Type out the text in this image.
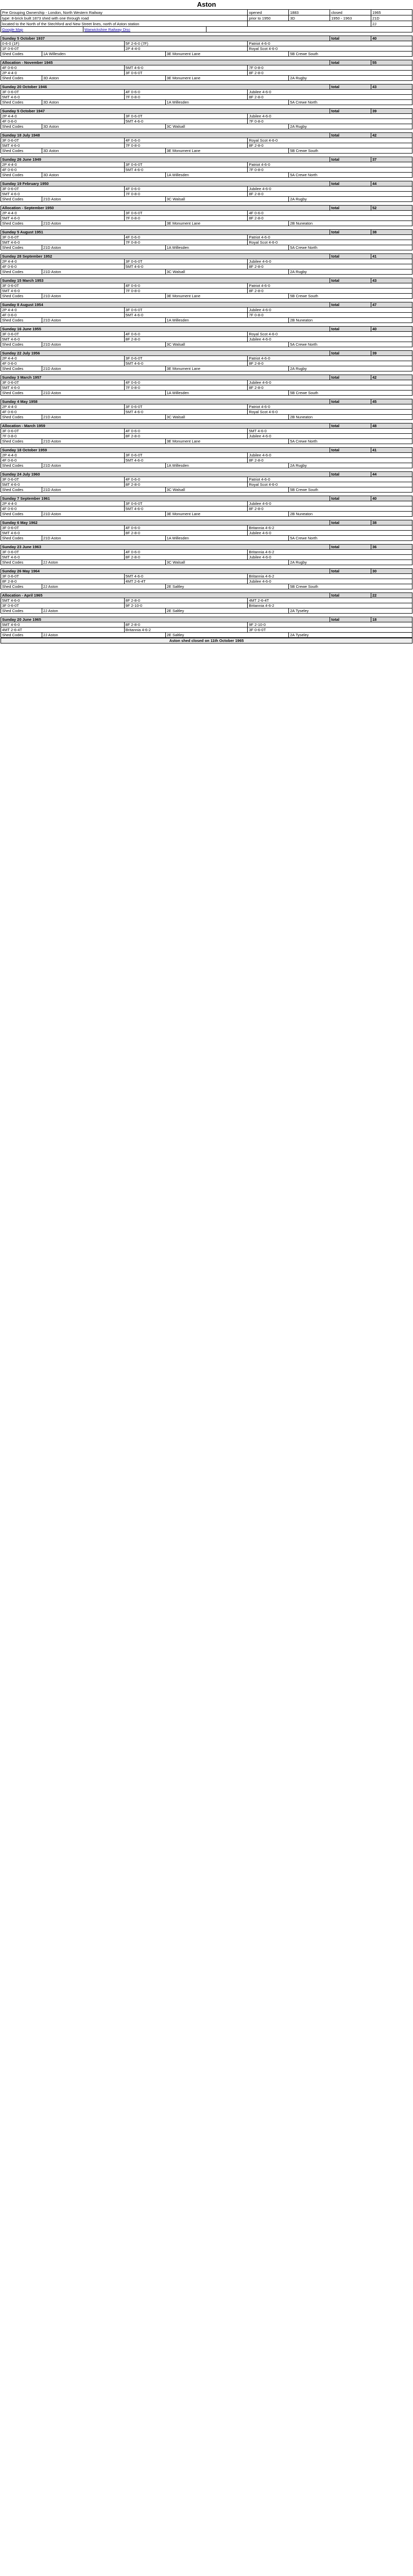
Aston
Pre Grouping Ownership - London, North Western Railway			opened	1883	closed	1965
type: 8-brick built 1873 shed with one through road			prior to 1950	3D	1950 - 1963	21D
located to the North of the Stechford and New Street lines, north of Aston station						2J
Google Map	Warwickshire Railway Disc					

Sunday 5 October 1937						total	40
0-6-0 (1F)		5F 2-6-0 (7F)		Patriot 4-6-0			
1F 0-6-0T		2P 4-4-0		Royal Scot 4-6-0			
Shed Codes	1A Willesden		3E Monument Lane		5B Crewe South		

Allocation - November 1945						total	55
4F 0-6-0		5MT 4-6-0		7F 0-8-0			
2P 4-4-0		3F 0-6-0T		8F 2-8-0			
Shed Codes	3D Aston		3E Monument Lane		2A Rugby		

Sunday 20 October 1946						total	43
3F 0-6-0T		4F 0-6-0		Jubilee 4-6-0			
5MT 4-6-0		7F 0-8-0		8F 2-8-0			
Shed Codes	3D Aston		1A Willesden		5A Crewe North		

Sunday 5 October 1947						total	39
2P 4-4-0		3F 0-6-0T		Jubilee 4-6-0			
4F 0-6-0		5MT 4-6-0		7F 0-8-0			
Shed Codes	3D Aston		3C Walsall		2A Rugby		

Sunday 18 July 1948						total	42
3F 0-6-0T		4F 0-6-0		Royal Scot 4-6-0			
5MT 4-6-0		7F 0-8-0		8F 2-8-0			
Shed Codes	3D Aston		3E Monument Lane		5B Crewe South		

Sunday 26 June 1949						total	37
2P 4-4-0		3F 0-6-0T		Patriot 4-6-0			
4F 0-6-0		5MT 4-6-0		7F 0-8-0			
Shed Codes	3D Aston		1A Willesden		5A Crewe North		

Sunday 19 February 1950						total	44
3F 0-6-0T		4F 0-6-0		Jubilee 4-6-0			
5MT 4-6-0		7F 0-8-0		8F 2-8-0			
Shed Codes	21D Aston		3C Walsall		2A Rugby		

Allocation - September 1950						total	52
2P 4-4-0		3F 0-6-0T		4F 0-6-0			
5MT 4-6-0		7F 0-8-0		8F 2-8-0			
Shed Codes	21D Aston		3E Monument Lane		2B Nuneaton		

Sunday 5 August 1951						total	38
3F 0-6-0T		4F 0-6-0		Patriot 4-6-0			
5MT 4-6-0		7F 0-8-0		Royal Scot 4-6-0			
Shed Codes	21D Aston		1A Willesden		5A Crewe North		

Sunday 28 September 1952						total	41
2P 4-4-0		3F 0-6-0T		Jubilee 4-6-0			
4F 0-6-0		5MT 4-6-0		8F 2-8-0			
Shed Codes	21D Aston		3C Walsall		2A Rugby		

Sunday 15 March 1953						total	43
3F 0-6-0T		4F 0-6-0		Patriot 4-6-0			
5MT 4-6-0		7F 0-8-0		8F 2-8-0			
Shed Codes	21D Aston		3E Monument Lane		5B Crewe South		

Sunday 8 August 1954						total	47
2P 4-4-0		3F 0-6-0T		Jubilee 4-6-0			
4F 0-6-0		5MT 4-6-0		7F 0-8-0			
Shed Codes	21D Aston		1A Willesden		2B Nuneaton		

Sunday 16 June 1955						total	40
3F 0-6-0T		4F 0-6-0		Royal Scot 4-6-0			
5MT 4-6-0		8F 2-8-0		Jubilee 4-6-0			
Shed Codes	21D Aston		3C Walsall		5A Crewe North		

Sunday 22 July 1956						total	39
2P 4-4-0		3F 0-6-0T		Patriot 4-6-0			
4F 0-6-0		5MT 4-6-0		8F 2-8-0			
Shed Codes	21D Aston		3E Monument Lane		2A Rugby		

Sunday 3 March 1957						total	42
3F 0-6-0T		4F 0-6-0		Jubilee 4-6-0			
5MT 4-6-0		7F 0-8-0		8F 2-8-0			
Shed Codes	21D Aston		1A Willesden		5B Crewe South		

Sunday 4 May 1958						total	45
2P 4-4-0		3F 0-6-0T		Patriot 4-6-0			
4F 0-6-0		5MT 4-6-0		Royal Scot 4-6-0			
Shed Codes	21D Aston		3C Walsall		2B Nuneaton		

Allocation - March 1959						total	48
3F 0-6-0T		4F 0-6-0		5MT 4-6-0			
7F 0-8-0		8F 2-8-0		Jubilee 4-6-0			
Shed Codes	21D Aston		3E Monument Lane		5A Crewe North		

Sunday 18 October 1959						total	41
2P 4-4-0		3F 0-6-0T		Jubilee 4-6-0			
4F 0-6-0		5MT 4-6-0		8F 2-8-0			
Shed Codes	21D Aston		1A Willesden		2A Rugby		

Sunday 24 July 1960						total	44
3F 0-6-0T		4F 0-6-0		Patriot 4-6-0			
5MT 4-6-0		8F 2-8-0		Royal Scot 4-6-0			
Shed Codes	21D Aston		3C Walsall		5B Crewe South		

Sunday 7 September 1961						total	40
2P 4-4-0		3F 0-6-0T		Jubilee 4-6-0			
4F 0-6-0		5MT 4-6-0		8F 2-8-0			
Shed Codes	21D Aston		3E Monument Lane		2B Nuneaton		

Sunday 6 May 1962						total	38
3F 0-6-0T		4F 0-6-0		Britannia 4-6-2			
5MT 4-6-0		8F 2-8-0		Jubilee 4-6-0			
Shed Codes	21D Aston		1A Willesden		5A Crewe North		

Sunday 23 June 1963						total	36
3F 0-6-0T		4F 0-6-0		Britannia 4-6-2			
5MT 4-6-0		8F 2-8-0		Jubilee 4-6-0			
Shed Codes	2J Aston		3C Walsall		2A Rugby		

Sunday 26 May 1964						total	30
3F 0-6-0T		5MT 4-6-0		Britannia 4-6-2			
8F 2-8-0		4MT 2-6-4T		Jubilee 4-6-0			
Shed Codes	2J Aston		2E Saltley		5B Crewe South		

Allocation - April 1965						total	22
5MT 4-6-0		8F 2-8-0		4MT 2-6-4T			
3F 0-6-0T		9F 2-10-0		Britannia 4-6-2			
Shed Codes	2J Aston		2E Saltley		2A Tyseley		

Sunday 20 June 1965						total	18
5MT 4-6-0		8F 2-8-0		9F 2-10-0			
4MT 2-6-4T		Britannia 4-6-2		3F 0-6-0T			
Shed Codes	2J Aston		2E Saltley		2A Tyseley		
Aston shed closed on 11th October 1965
